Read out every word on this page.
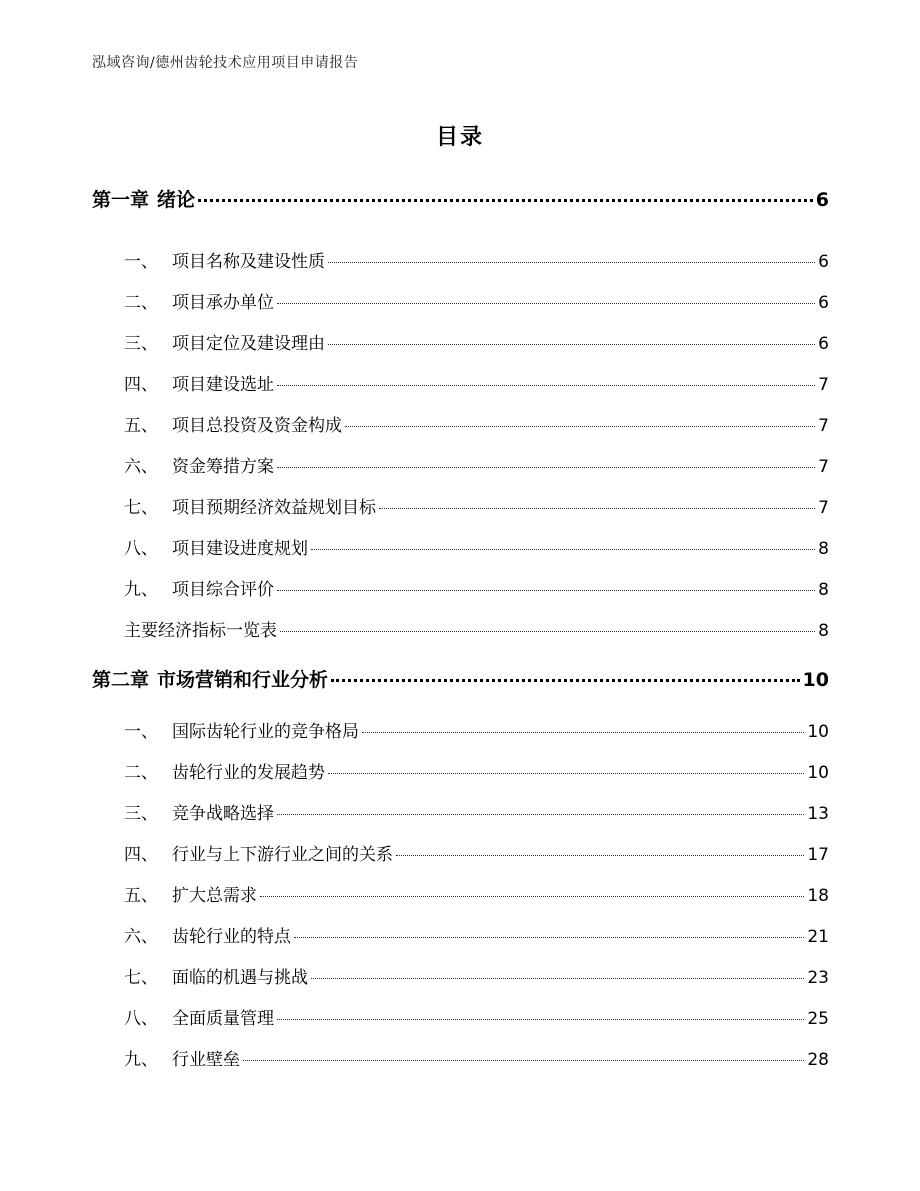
泓域咨询/德州齿轮技术应用项目申请报告
目录
第一章 绪论	6
一、 项目名称及建设性质	6
二、 项目承办单位	6
三、 项目定位及建设理由	6
四、 项目建设选址	7
五、 项目总投资及资金构成	7
六、 资金筹措方案	7
七、 项目预期经济效益规划目标	7
八、 项目建设进度规划	8
九、 项目综合评价	8
主要经济指标一览表	8
第二章 市场营销和行业分析	10
一、 国际齿轮行业的竞争格局	10
二、 齿轮行业的发展趋势	10
三、 竞争战略选择	13
四、 行业与上下游行业之间的关系	17
五、 扩大总需求	18
六、 齿轮行业的特点	21
七、 面临的机遇与挑战	23
八、 全面质量管理	25
九、 行业壁垒	28
